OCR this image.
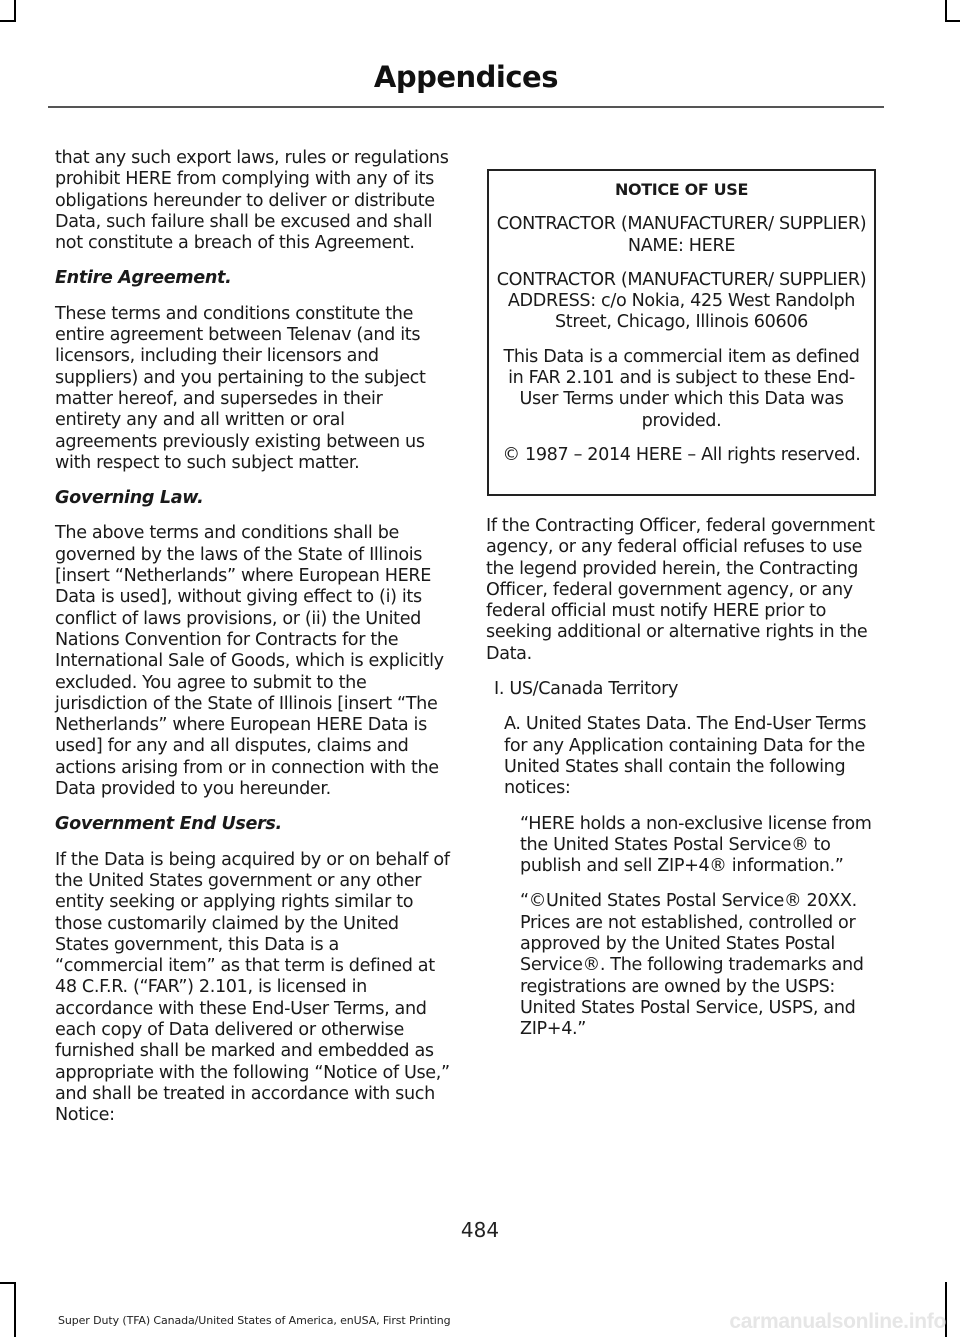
Appendices

that any such export laws, rules or regulations prohibit HERE from complying with any of its obligations hereunder to deliver or distribute Data, such failure shall be excused and shall not constitute a breach of this Agreement.

Entire Agreement.

These terms and conditions constitute the entire agreement between Telenav (and its licensors, including their licensors and suppliers) and you pertaining to the subject matter hereof, and supersedes in their entirety any and all written or oral agreements previously existing between us with respect to such subject matter.

Governing Law.

The above terms and conditions shall be governed by the laws of the State of Illinois [insert “Netherlands” where European HERE Data is used], without giving effect to (i) its conflict of laws provisions, or (ii) the United Nations Convention for Contracts for the International Sale of Goods, which is explicitly excluded. You agree to submit to the jurisdiction of the State of Illinois [insert “The Netherlands” where European HERE Data is used] for any and all disputes, claims and actions arising from or in connection with the Data provided to you hereunder.

Government End Users.

If the Data is being acquired by or on behalf of the United States government or any other entity seeking or applying rights similar to those customarily claimed by the United States government, this Data is a “commercial item” as that term is defined at 48 C.F.R. (“FAR”) 2.101, is licensed in accordance with these End-User Terms, and each copy of Data delivered or otherwise furnished shall be marked and embedded as appropriate with the following “Notice of Use,” and shall be treated in accordance with such Notice:

NOTICE OF USE

CONTRACTOR (MANUFACTURER/ SUPPLIER) NAME: HERE

CONTRACTOR (MANUFACTURER/ SUPPLIER) ADDRESS: c/o Nokia, 425 West Randolph Street, Chicago, Illinois 60606

This Data is a commercial item as defined in FAR 2.101 and is subject to these End-User Terms under which this Data was provided.

© 1987 – 2014 HERE – All rights reserved.

If the Contracting Officer, federal government agency, or any federal official refuses to use the legend provided herein, the Contracting Officer, federal government agency, or any federal official must notify HERE prior to seeking additional or alternative rights in the Data.

I. US/Canada Territory

A. United States Data. The End-User Terms for any Application containing Data for the United States shall contain the following notices:

“HERE holds a non-exclusive license from the United States Postal Service® to publish and sell ZIP+4® information.”

“©United States Postal Service® 20XX. Prices are not established, controlled or approved by the United States Postal Service®. The following trademarks and registrations are owned by the USPS: United States Postal Service, USPS, and ZIP+4.”

484
Super Duty (TFA) Canada/United States of America, enUSA, First Printing	carmanualsonline.info
